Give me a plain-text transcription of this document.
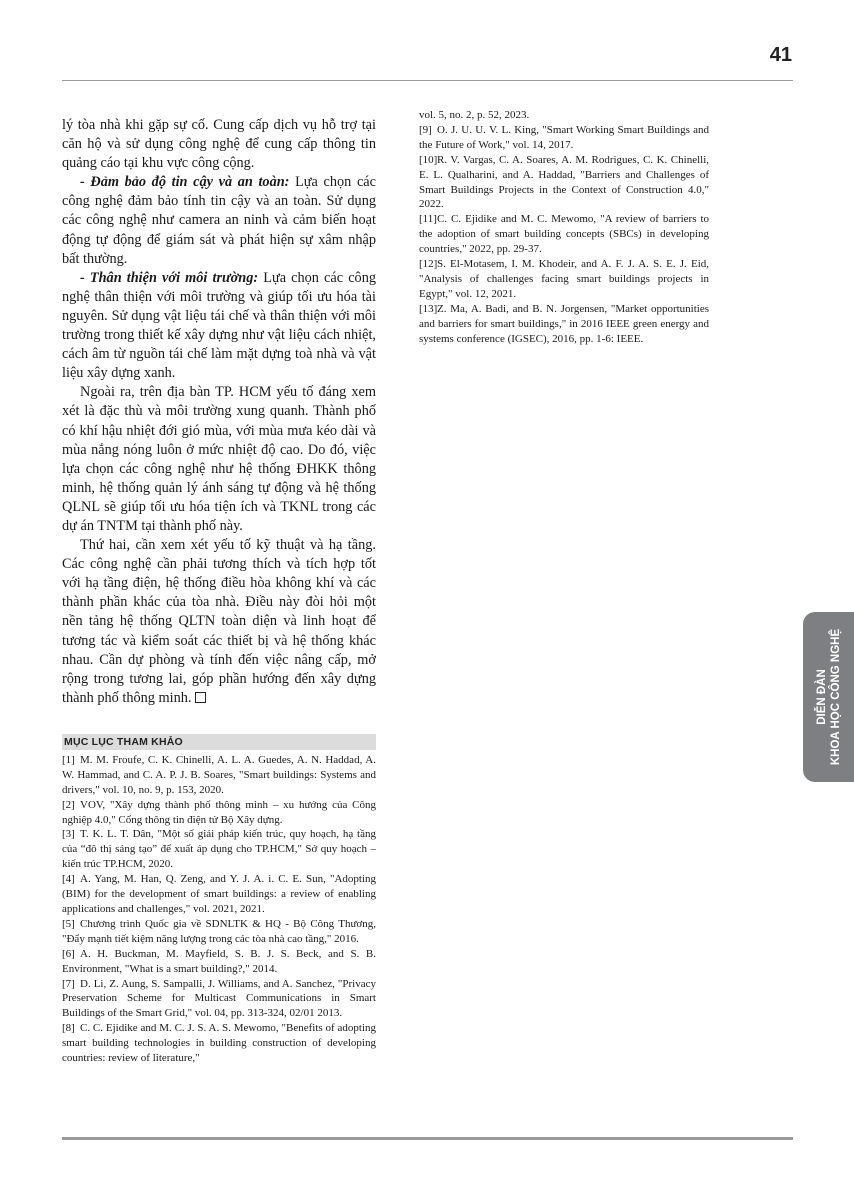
41

lý tòa nhà khi gặp sự cố. Cung cấp dịch vụ hỗ trợ tại căn hộ và sử dụng công nghệ để cung cấp thông tin quảng cáo tại khu vực công cộng.

- Đảm bảo độ tin cậy và an toàn: Lựa chọn các công nghệ đảm bảo tính tin cậy và an toàn. Sử dụng các công nghệ như camera an ninh và cảm biến hoạt động tự động để giám sát và phát hiện sự xâm nhập bất thường.

- Thân thiện với môi trường: Lựa chọn các công nghệ thân thiện với môi trường và giúp tối ưu hóa tài nguyên. Sử dụng vật liệu tái chế và thân thiện với môi trường trong thiết kế xây dựng như vật liệu cách nhiệt, cách âm từ nguồn tái chế làm mặt dựng toà nhà và vật liệu xây dựng xanh.

Ngoài ra, trên địa bàn TP. HCM yếu tố đáng xem xét là đặc thù và môi trường xung quanh. Thành phố có khí hậu nhiệt đới gió mùa, với mùa mưa kéo dài và mùa nắng nóng luôn ở mức nhiệt độ cao. Do đó, việc lựa chọn các công nghệ như hệ thống ĐHKK thông minh, hệ thống quản lý ánh sáng tự động và hệ thống QLNL sẽ giúp tối ưu hóa tiện ích và TKNL trong các dự án TNTM tại thành phố này.

Thứ hai, cần xem xét yếu tố kỹ thuật và hạ tầng. Các công nghệ cần phải tương thích và tích hợp tốt với hạ tầng điện, hệ thống điều hòa không khí và các thành phần khác của tòa nhà. Điều này đòi hỏi một nền tảng hệ thống QLTN toàn diện và linh hoạt để tương tác và kiểm soát các thiết bị và hệ thống khác nhau. Cần dự phòng và tính đến việc nâng cấp, mở rộng trong tương lai, góp phần hướng đến xây dựng thành phố thông minh.

MỤC LỤC THAM KHẢO

[1] M. M. Froufe, C. K. Chinelli, A. L. A. Guedes, A. N. Haddad, A. W. Hammad, and C. A. P. J. B. Soares, "Smart buildings: Systems and drivers," vol. 10, no. 9, p. 153, 2020.

[2] VOV, "Xây dựng thành phố thông minh – xu hướng của Công nghiệp 4.0," Cổng thông tin điện tử Bộ Xây dựng.

[3] T. K. L. T. Dân, "Một số giải pháp kiến trúc, quy hoạch, hạ tầng của “đô thị sáng tạo” để xuất áp dụng cho TP.HCM," Sở quy hoạch – kiến trúc TP.HCM, 2020.

[4] A. Yang, M. Han, Q. Zeng, and Y. J. A. i. C. E. Sun, "Adopting (BIM) for the development of smart buildings: a review of enabling applications and challenges," vol. 2021, 2021.

[5] Chương trình Quốc gia về SDNLTK & HQ - Bộ Công Thương, "Đẩy mạnh tiết kiệm năng lượng trong các tòa nhà cao tầng," 2016.

[6] A. H. Buckman, M. Mayfield, S. B. J. S. Beck, and S. B. Environment, "What is a smart building?," 2014.

[7] D. Li, Z. Aung, S. Sampalli, J. Williams, and A. Sanchez, "Privacy Preservation Scheme for Multicast Communications in Smart Buildings of the Smart Grid," vol. 04, pp. 313-324, 02/01 2013.

[8] C. C. Ejidike and M. C. J. S. A. S. Mewomo, "Benefits of adopting smart building technologies in building construction of developing countries: review of literature,"

vol. 5, no. 2, p. 52, 2023.

[9] O. J. U. U. V. L. King, "Smart Working Smart Buildings and the Future of Work," vol. 14, 2017.

[10]R. V. Vargas, C. A. Soares, A. M. Rodrigues, C. K. Chinelli, E. L. Qualharini, and A. Haddad, "Barriers and Challenges of Smart Buildings Projects in the Context of Construction 4.0," 2022.

[11]C. C. Ejidike and M. C. Mewomo, "A review of barriers to the adoption of smart building concepts (SBCs) in developing countries," 2022, pp. 29-37.

[12]S. El-Motasem, I. M. Khodeir, and A. F. J. A. S. E. J. Eid, "Analysis of challenges facing smart buildings projects in Egypt," vol. 12, 2021.

[13]Z. Ma, A. Badi, and B. N. Jorgensen, "Market opportunities and barriers for smart buildings," in 2016 IEEE green energy and systems conference (IGSEC), 2016, pp. 1-6: IEEE.

DIỄN ĐÀN KHOA HỌC CÔNG NGHỆ
